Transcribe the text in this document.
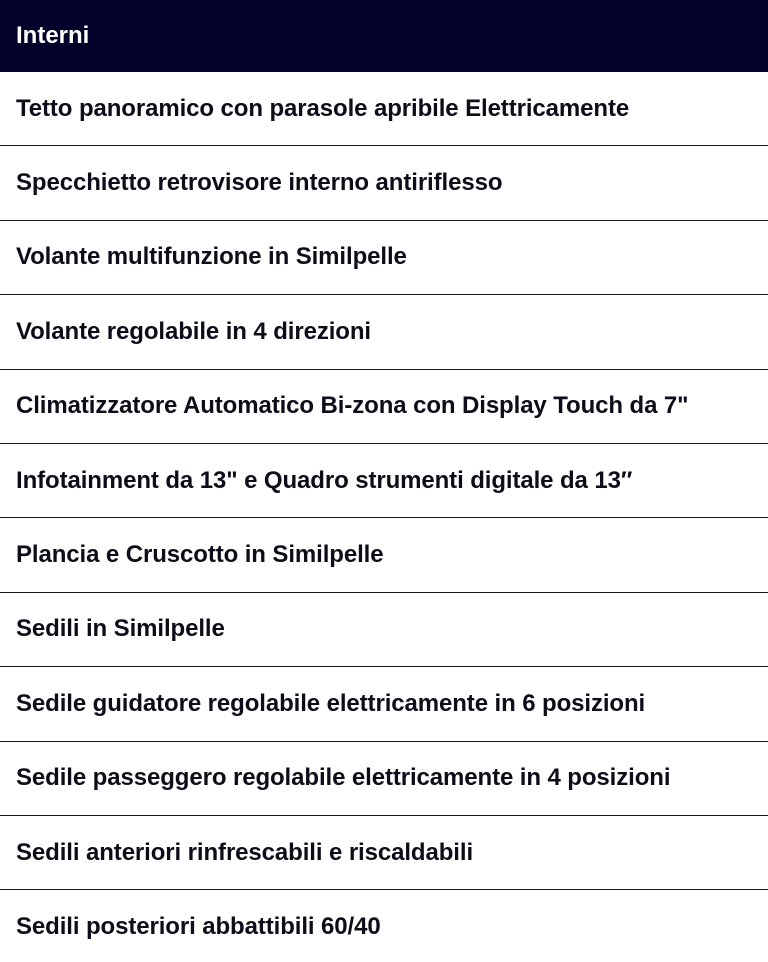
Interni
Tetto panoramico con parasole apribile Elettricamente
Specchietto retrovisore interno antiriflesso
Volante multifunzione in Similpelle
Volante regolabile in 4 direzioni
Climatizzatore Automatico Bi-zona con Display Touch da 7"
Infotainment da 13" e Quadro strumenti digitale da 13″
Plancia e Cruscotto in Similpelle
Sedili in Similpelle
Sedile guidatore regolabile elettricamente in 6 posizioni
Sedile passeggero regolabile elettricamente in 4 posizioni
Sedili anteriori rinfrescabili e riscaldabili
Sedili posteriori abbattibili 60/40
